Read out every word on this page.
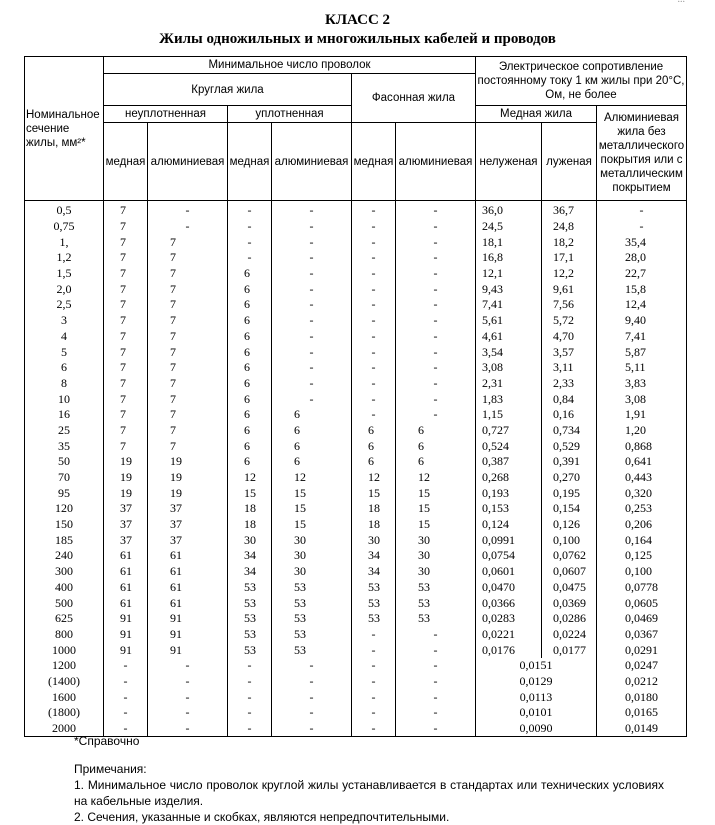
КЛАСС 2
Жилы одножильных и многожильных кабелей и проводов
Номинальное сечение жилы, мм²*	Минимальное число проволок						Электрическое сопротивление постоянному току 1 км жилы при 20°С, Ом, не более		
	Круглая жила				Фасонная жила				
	неуплотненная		уплотненная				Медная жила		Алюминиевая жила без металлического покрытия или с металлическим покрытием
	медная	алюминиевая	медная	алюминиевая	медная	алюминиевая	нелуженая	луженая	
0,5	7	-	-	-	-	-	36,0	36,7	-
0,75	7	-	-	-	-	-	24,5	24,8	-
1,	7	7	-	-	-	-	18,1	18,2	35,4
1,2	7	7	-	-	-	-	16,8	17,1	28,0
1,5	7	7	6	-	-	-	12,1	12,2	22,7
2,0	7	7	6	-	-	-	9,43	9,61	15,8
2,5	7	7	6	-	-	-	7,41	7,56	12,4
3	7	7	6	-	-	-	5,61	5,72	9,40
4	7	7	6	-	-	-	4,61	4,70	7,41
5	7	7	6	-	-	-	3,54	3,57	5,87
6	7	7	6	-	-	-	3,08	3,11	5,11
8	7	7	6	-	-	-	2,31	2,33	3,83
10	7	7	6	-	-	-	1,83	0,84	3,08
16	7	7	6	6	-	-	1,15	0,16	1,91
25	7	7	6	6	6	6	0,727	0,734	1,20
35	7	7	6	6	6	6	0,524	0,529	0,868
50	19	19	6	6	6	6	0,387	0,391	0,641
70	19	19	12	12	12	12	0,268	0,270	0,443
95	19	19	15	15	15	15	0,193	0,195	0,320
120	37	37	18	15	18	15	0,153	0,154	0,253
150	37	37	18	15	18	15	0,124	0,126	0,206
185	37	37	30	30	30	30	0,0991	0,100	0,164
240	61	61	34	30	34	30	0,0754	0,0762	0,125
300	61	61	34	30	34	30	0,0601	0,0607	0,100
400	61	61	53	53	53	53	0,0470	0,0475	0,0778
500	61	61	53	53	53	53	0,0366	0,0369	0,0605
625	91	91	53	53	53	53	0,0283	0,0286	0,0469
800	91	91	53	53	-	-	0,0221	0,0224	0,0367
1000	91	91	53	53	-	-	0,0176	0,0177	0,0291
1200	-	-	-	-	-	-	0,0151		0,0247
(1400)	-	-	-	-	-	-	0,0129		0,0212
1600	-	-	-	-	-	-	0,0113		0,0180
(1800)	-	-	-	-	-	-	0,0101		0,0165
2000	-	-	-	-	-	-	0,0090		0,0149

*Справочно

Примечания:

1. Минимальное число проволок круглой жилы устанавливается в стандартах или технических условиях на кабельные изделия.

2. Сечения, указанные и скобках, являются непредпочтительными.
